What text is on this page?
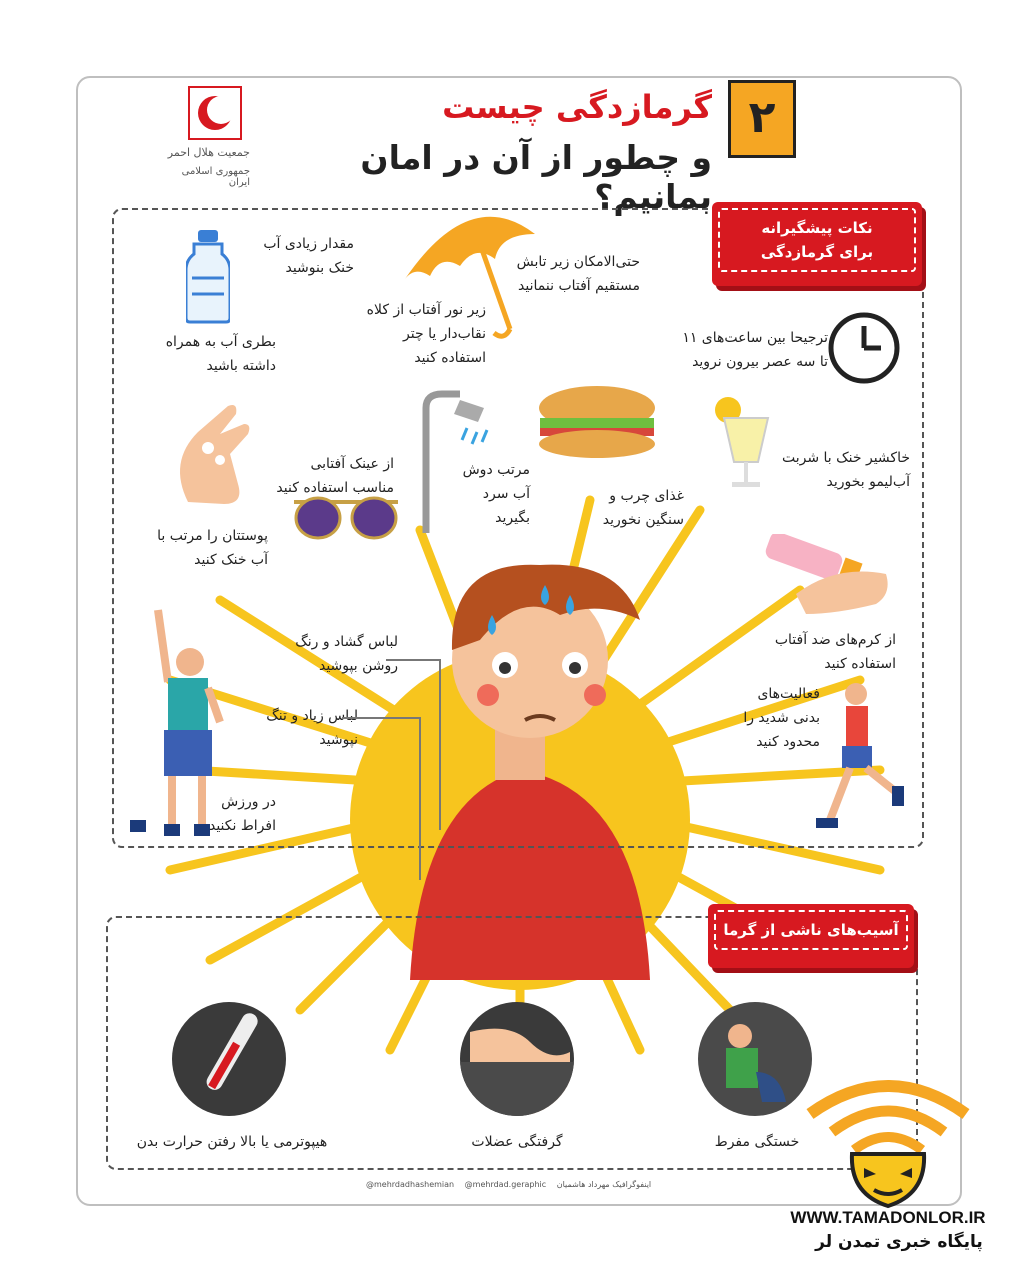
جمعیت هلال احمر
جمهوری اسلامی ایران
۲
گرمازدگی چیست
و چطور از آن در امان بمانیم؟
نکات پیشگیرانه
برای گرمازدگی
آسیب‌های ناشی از گرما
مقدار زیادی آب خنک بنوشید
بطری آب به همراه داشته باشید
حتی‌الامکان زیر تابش مستقیم آفتاب ننمانید
زیر نور آفتاب از کلاه نقاب‌دار یا چتر استفاده کنید
ترجیحا بین ساعت‌های ۱۱ تا سه عصر بیرون نروید
خاکشیر خنک با شربت آب‌لیمو بخورید
غذای چرب و سنگین نخورید
مرتب دوش آب سرد بگیرید
از عینک آفتابی مناسب استفاده کنید
پوستتان را مرتب با آب خنک کنید
از کرم‌های ضد آفتاب استفاده کنید
لباس گشاد و رنگ روشن بپوشید
لباس زیاد و تنگ نپوشید
فعالیت‌های بدنی شدید را محدود کنید
در ورزش افراط نکنید
خستگی مفرط
گرفتگی عضلات
هیپوترمی یا بالا رفتن حرارت بدن
@mehrdadhashemian @mehrdad.geraphic اینفوگرافیک مهرداد هاشمیان
WWW.TAMADONLOR.IR
پایگاه خبری تمدن لر
